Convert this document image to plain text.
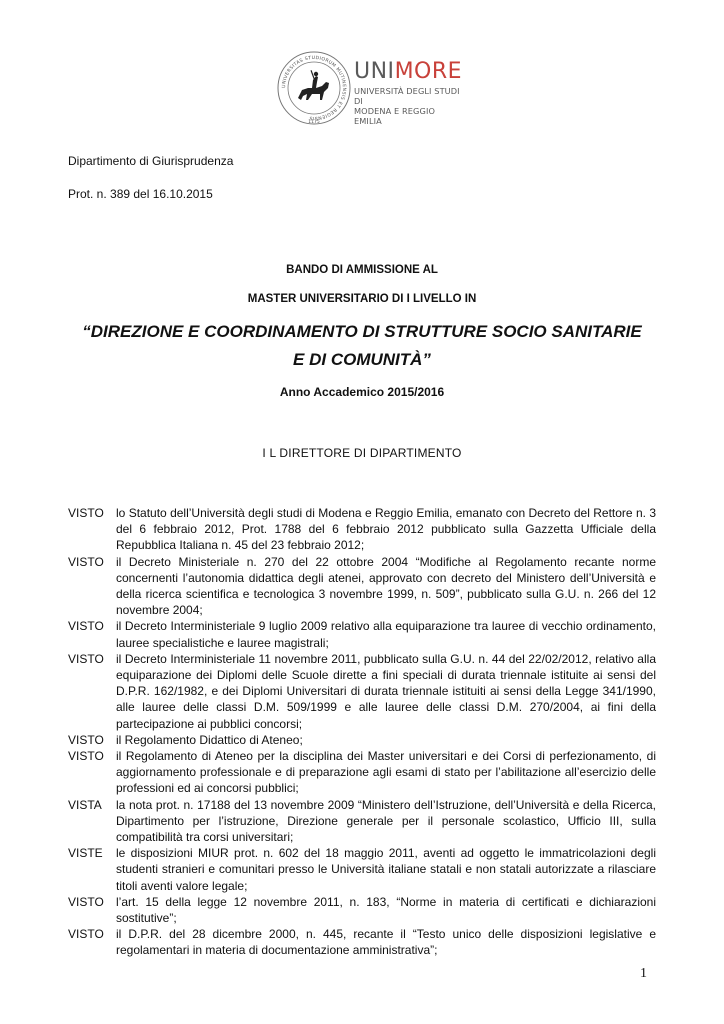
UNIVERSITAS STUDIORUM MUTINENSIS ET REGIENSIS
1175
UNIMORE
UNIVERSITÀ DEGLI STUDI DI
MODENA E REGGIO EMILIA
Dipartimento di Giurisprudenza
Prot. n. 389 del 16.10.2015
BANDO DI AMMISSIONE AL
MASTER UNIVERSITARIO DI I LIVELLO IN
“DIREZIONE E COORDINAMENTO DI STRUTTURE SOCIO SANITARIE
E DI COMUNITÀ”
Anno Accademico 2015/2016
I L DIRETTORE DI DIPARTIMENTO
VISTO	lo Statuto dell’Università degli studi di Modena e Reggio Emilia, emanato con Decreto del Rettore n. 3 del 6 febbraio 2012, Prot. 1788 del 6 febbraio 2012 pubblicato sulla Gazzetta Ufficiale della Repubblica Italiana n. 45 del 23 febbraio 2012;
VISTO	il Decreto Ministeriale n. 270 del 22 ottobre 2004 “Modifiche al Regolamento recante norme concernenti l’autonomia didattica degli atenei, approvato con decreto del Ministero dell’Università e della ricerca scientifica e tecnologica 3 novembre 1999, n. 509”, pubblicato sulla G.U. n. 266 del 12 novembre 2004;
VISTO	il Decreto Interministeriale 9 luglio 2009 relativo alla equiparazione tra lauree di vecchio ordinamento, lauree specialistiche e lauree magistrali;
VISTO	il Decreto Interministeriale 11 novembre 2011, pubblicato sulla G.U. n. 44 del 22/02/2012, relativo alla equiparazione dei Diplomi delle Scuole dirette a fini speciali di durata triennale istituite ai sensi del D.P.R. 162/1982, e dei Diplomi Universitari di durata triennale istituiti ai sensi della Legge 341/1990, alle lauree delle classi D.M. 509/1999 e alle lauree delle classi D.M. 270/2004, ai fini della partecipazione ai pubblici concorsi;
VISTO	il Regolamento Didattico di Ateneo;
VISTO	il Regolamento di Ateneo per la disciplina dei Master universitari e dei Corsi di perfezionamento, di aggiornamento professionale e di preparazione agli esami di stato per l’abilitazione all’esercizio delle professioni ed ai concorsi pubblici;
VISTA	la nota prot. n. 17188 del 13 novembre 2009 “Ministero dell’Istruzione, dell’Università e della Ricerca, Dipartimento per l’istruzione, Direzione generale per il personale scolastico, Ufficio III, sulla compatibilità tra corsi universitari;
VISTE	le disposizioni MIUR prot. n. 602 del 18 maggio 2011, aventi ad oggetto le immatricolazioni degli studenti stranieri e comunitari presso le Università italiane statali e non statali autorizzate a rilasciare titoli aventi valore legale;
VISTO	l’art. 15 della legge 12 novembre 2011, n. 183, “Norme in materia di certificati e dichiarazioni sostitutive”;
VISTO	il D.P.R. del 28 dicembre 2000, n. 445, recante il “Testo unico delle disposizioni legislative e regolamentari in materia di documentazione amministrativa”;
1
